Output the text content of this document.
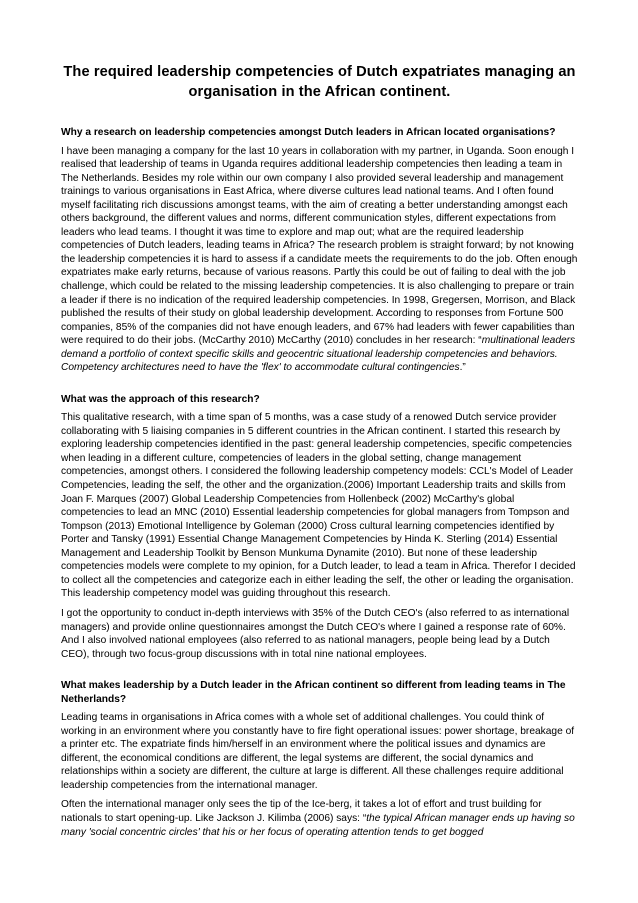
The required leadership competencies of Dutch expatriates managing an organisation in the African continent.
Why a research on leadership competencies amongst Dutch leaders in African located organisations?

I have been managing a company for the last 10 years in collaboration with my partner, in Uganda. Soon enough I realised that leadership of teams in Uganda requires additional leadership competencies then leading a team in The Netherlands. Besides my role within our own company I also provided several leadership and management trainings to various organisations in East Africa, where diverse cultures lead national teams. And I often found myself facilitating rich discussions amongst teams, with the aim of creating a better understanding amongst each others background, the different values and norms, different communication styles, different expectations from leaders who lead teams. I thought it was time to explore and map out; what are the required leadership competencies of Dutch leaders, leading teams in Africa? The research problem is straight forward; by not knowing the leadership competencies it is hard to assess if a candidate meets the requirements to do the job. Often enough expatriates make early returns, because of various reasons. Partly this could be out of failing to deal with the job challenge, which could be related to the missing leadership competencies. It is also challenging to prepare or train a leader if there is no indication of the required leadership competencies. In 1998, Gregersen, Morrison, and Black published the results of their study on global leadership development. According to responses from Fortune 500 companies, 85% of the companies did not have enough leaders, and 67% had leaders with fewer capabilities than were required to do their jobs. (McCarthy 2010) McCarthy (2010) concludes in her research: “multinational leaders demand a portfolio of context specific skills and geocentric situational leadership competencies and behaviors. Competency architectures need to have the 'flex' to accommodate cultural contingencies.”

What was the approach of this research?

This qualitative research, with a time span of 5 months, was a case study of a renowed Dutch service provider collaborating with 5 liaising companies in 5 different countries in the African continent. I started this research by exploring leadership competencies identified in the past: general leadership competencies, specific competencies when leading in a different culture, competencies of leaders in the global setting, change management competencies, amongst others. I considered the following leadership competency models: CCL's Model of Leader Competencies, leading the self, the other and the organization.(2006) Important Leadership traits and skills from Joan F. Marques (2007) Global Leadership Competencies from Hollenbeck (2002) McCarthy's global competencies to lead an MNC (2010) Essential leadership competencies for global managers from Tompson and Tompson (2013) Emotional Intelligence by Goleman (2000) Cross cultural learning competencies identified by Porter and Tansky (1991) Essential Change Management Competencies by Hinda K. Sterling (2014) Essential Management and Leadership Toolkit by Benson Munkuma Dynamite (2010). But none of these leadership competencies models were complete to my opinion, for a Dutch leader, to lead a team in Africa. Therefor I decided to collect all the competencies and categorize each in either leading the self, the other or leading the organisation. This leadership competency model was guiding throughout this research.

I got the opportunity to conduct in-depth interviews with 35% of the Dutch CEO's (also referred to as international managers) and provide online questionnaires amongst the Dutch CEO's where I gained a response rate of 60%. And I also involved national employees (also referred to as national managers, people being lead by a Dutch CEO), through two focus-group discussions with in total nine national employees.

What makes leadership by a Dutch leader in the African continent so different from leading teams in The Netherlands?

Leading teams in organisations in Africa comes with a whole set of additional challenges. You could think of working in an environment where you constantly have to fire fight operational issues: power shortage, breakage of a printer etc. The expatriate finds him/herself in an environment where the political issues and dynamics are different, the economical conditions are different, the legal systems are different, the social dynamics and relationships within a society are different, the culture at large is different. All these challenges require additional leadership competencies from the international manager.

Often the international manager only sees the tip of the Ice-berg, it takes a lot of effort and trust building for nationals to start opening-up. Like Jackson J. Kilimba (2006) says: “the typical African manager ends up having so many 'social concentric circles' that his or her focus of operating attention tends to get bogged
